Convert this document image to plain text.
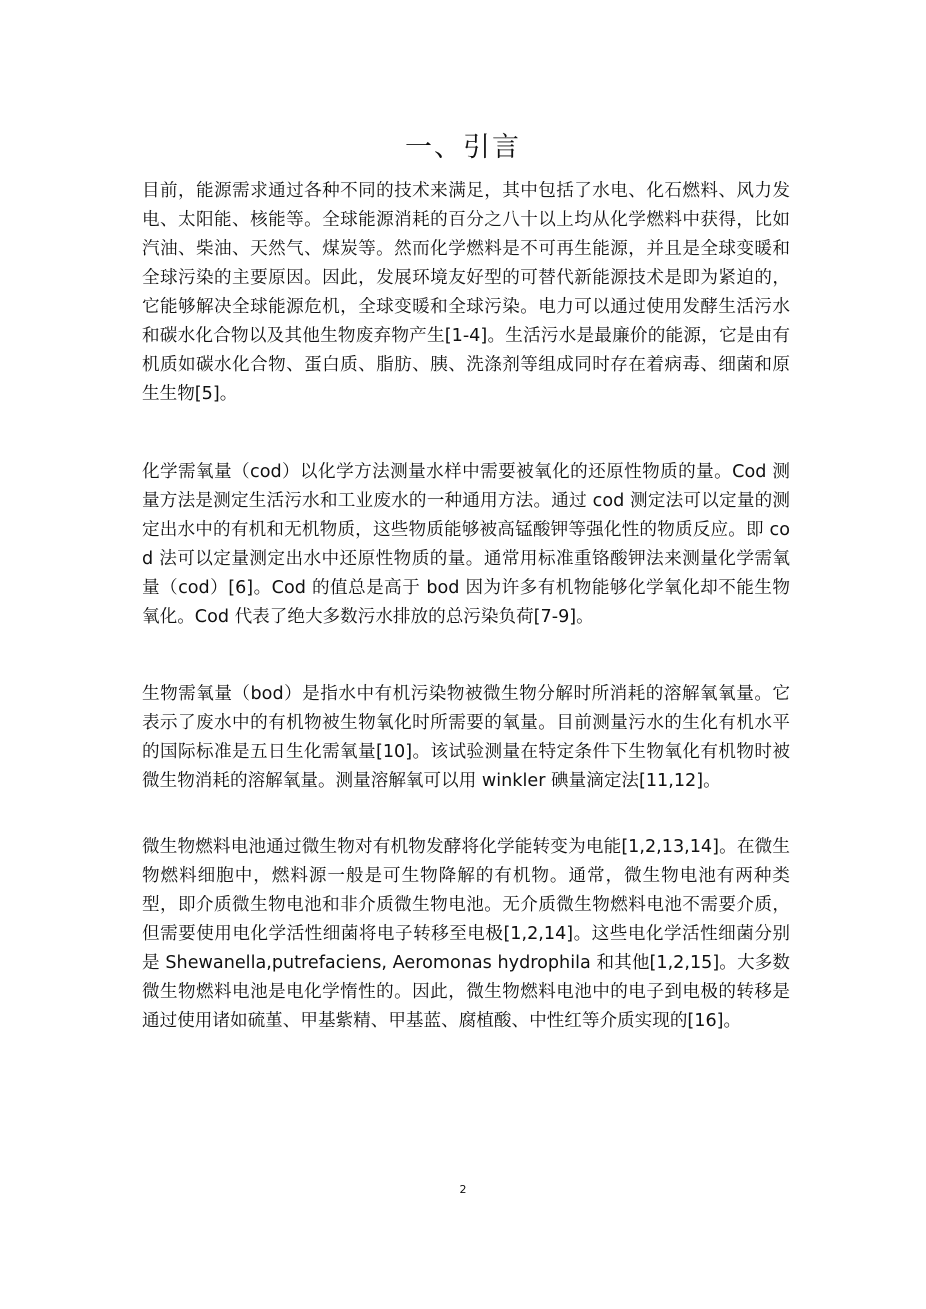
一、引言

目前，能源需求通过各种不同的技术来满足，其中包括了水电、化石燃料、风力发电、太阳能、核能等。全球能源消耗的百分之八十以上均从化学燃料中获得，比如汽油、柴油、天然气、煤炭等。然而化学燃料是不可再生能源，并且是全球变暖和全球污染的主要原因。因此，发展环境友好型的可替代新能源技术是即为紧迫的，它能够解决全球能源危机，全球变暖和全球污染。电力可以通过使用发酵生活污水和碳水化合物以及其他生物废弃物产生[1-4]。生活污水是最廉价的能源，它是由有机质如碳水化合物、蛋白质、脂肪、胰、洗涤剂等组成同时存在着病毒、细菌和原生生物[5]。

化学需氧量（cod）以化学方法测量水样中需要被氧化的还原性物质的量。Cod 测量方法是测定生活污水和工业废水的一种通用方法。通过 cod 测定法可以定量的测定出水中的有机和无机物质，这些物质能够被高锰酸钾等强化性的物质反应。即 cod 法可以定量测定出水中还原性物质的量。通常用标准重铬酸钾法来测量化学需氧量（cod）[6]。Cod 的值总是高于 bod 因为许多有机物能够化学氧化却不能生物氧化。Cod 代表了绝大多数污水排放的总污染负荷[7-9]。

生物需氧量（bod）是指水中有机污染物被微生物分解时所消耗的溶解氧氧量。它表示了废水中的有机物被生物氧化时所需要的氧量。目前测量污水的生化有机水平的国际标准是五日生化需氧量[10]。该试验测量在特定条件下生物氧化有机物时被微生物消耗的溶解氧量。测量溶解氧可以用 winkler 碘量滴定法[11,12]。

微生物燃料电池通过微生物对有机物发酵将化学能转变为电能[1,2,13,14]。在微生物燃料细胞中，燃料源一般是可生物降解的有机物。通常，微生物电池有两种类型，即介质微生物电池和非介质微生物电池。无介质微生物燃料电池不需要介质，但需要使用电化学活性细菌将电子转移至电极[1,2,14]。这些电化学活性细菌分别是 Shewanella,putrefaciens, Aeromonas hydrophila 和其他[1,2,15]。大多数微生物燃料电池是电化学惰性的。因此，微生物燃料电池中的电子到电极的转移是通过使用诸如硫堇、甲基紫精、甲基蓝、腐植酸、中性红等介质实现的[16]。

2
